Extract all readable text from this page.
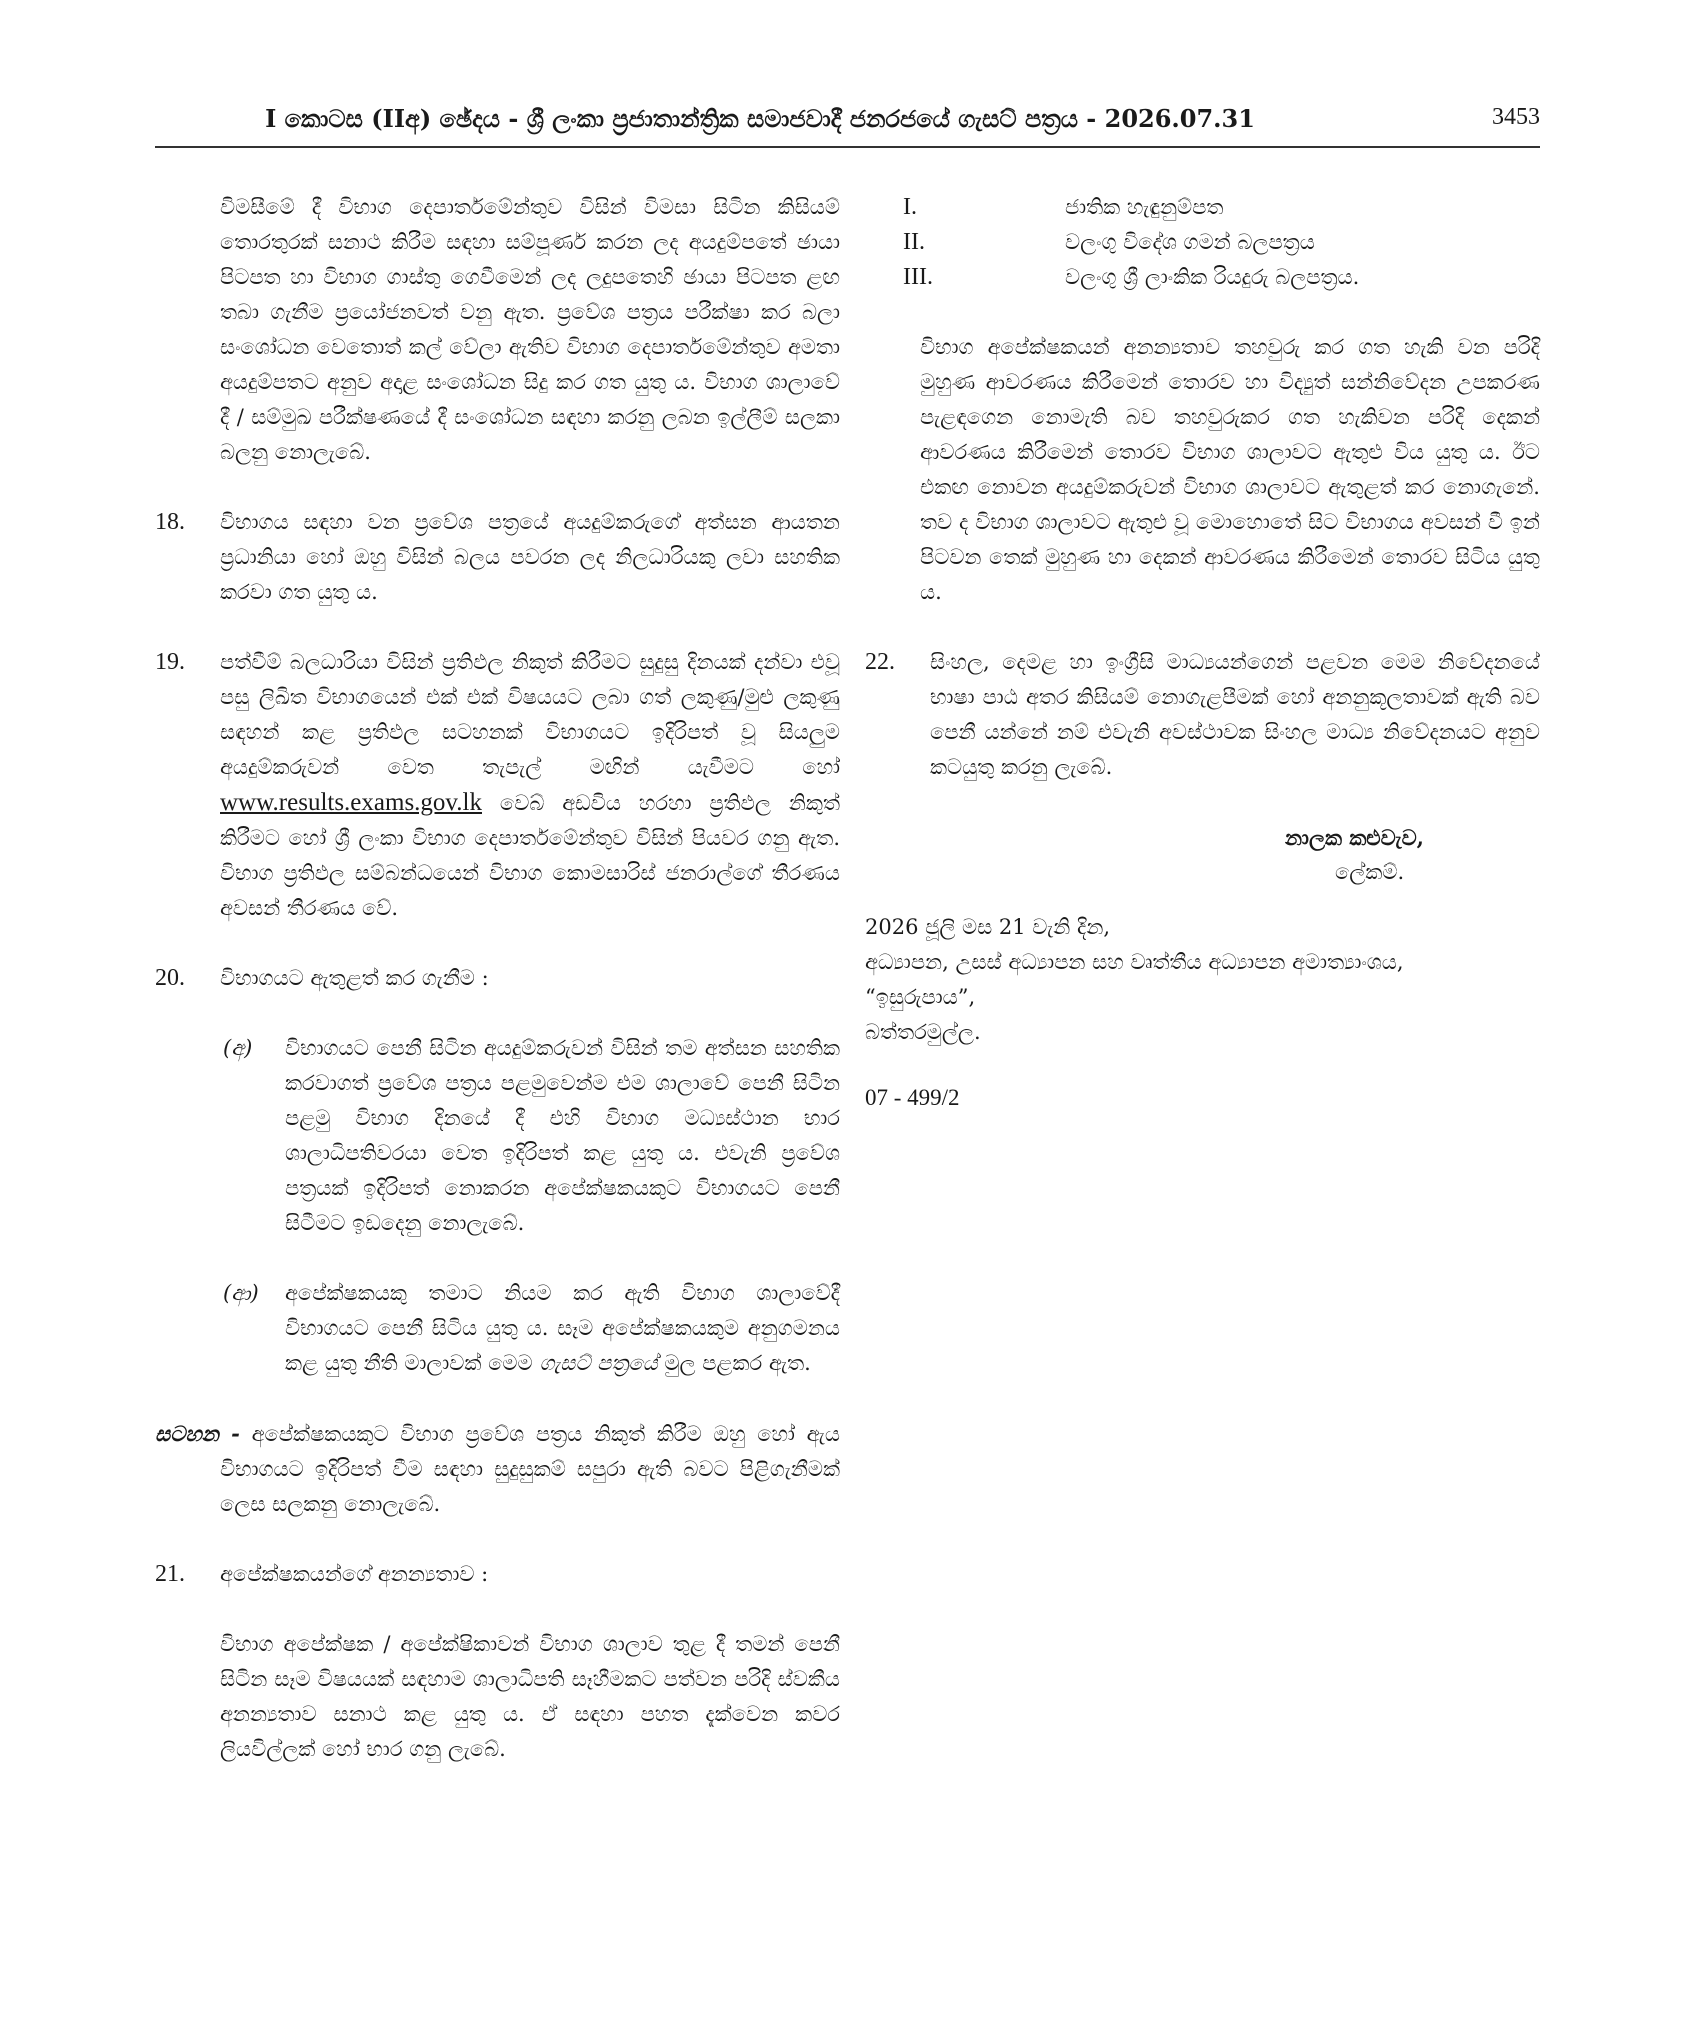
I කොටස (IIඅ) ඡේදය - ශ්‍රී ලංකා ප්‍රජාතාන්ත්‍රික සමාජවාදී ජනරජයේ ගැසට් පත්‍රය - 2026.07.31	3453

විමසීමේ දී විභාග දෙපාර්තමේන්තුව විසින් විමසා සිටින කිසියම් තොරතුරක් සනාථ කිරීම සඳහා සම්පූර්ණ කරන ලද අයදුම්පතේ ඡායා පිටපත හා විභාග ගාස්තු ගෙවීමෙන් ලද ලදුපතෙහි ඡායා පිටපත ළඟ තබා ගැනීම ප්‍රයෝජනවත් වනු ඇත. ප්‍රවේශ පත්‍රය පරීක්ෂා කර බලා සංශෝධන වෙතොත් කල් වේලා ඇතිව විභාග දෙපාර්තමේන්තුව අමතා අයදුම්පතට අනුව අදාළ සංශෝධන සිදු කර ගත යුතු ය. විභාග ශාලාවේ දී / සම්මුඛ පරීක්ෂණයේ දී සංශෝධන සඳහා කරනු ලබන ඉල්ලීම් සලකා බලනු නොලැබේ.

18. විභාගය සඳහා වන ප්‍රවේශ පත්‍රයේ අයදුම්කරුගේ අත්සන ආයතන ප්‍රධානියා හෝ ඔහු විසින් බලය පවරන ලද නිලධාරියකු ලවා සහතික කරවා ගත යුතු ය.

19. පත්වීම් බලධාරියා විසින් ප්‍රතිඵල නිකුත් කිරීමට සුදුසු දිනයක් දන්වා එවූ පසු ලිඛිත විභාගයෙන් එක් එක් විෂයයට ලබා ගත් ලකුණු/මුළු ලකුණු සඳහන් කළ ප්‍රතිඵල සටහනක් විභාගයට ඉදිරිපත් වූ සියලුම අයදුම්කරුවන් වෙත තැපැල් මඟින් යැවීමට හෝ www.results.exams.gov.lk වෙබ් අඩවිය හරහා ප්‍රතිඵල නිකුත් කිරීමට හෝ ශ්‍රී ලංකා විභාග දෙපාර්තමේන්තුව විසින් පියවර ගනු ඇත. විභාග ප්‍රතිඵල සම්බන්ධයෙන් විභාග කොමසාරිස් ජනරාල්ගේ තීරණය අවසන් තීරණය වේ.

20. විභාගයට ඇතුළත් කර ගැනීම :

(අ) විභාගයට පෙනී සිටින අයදුම්කරුවන් විසින් තම අත්සන සහතික කරවාගත් ප්‍රවේශ පත්‍රය පළමුවෙන්ම එම ශාලාවේ පෙනී සිටින පළමු විභාග දිනයේ දී එහි විභාග මධ්‍යස්ථාන භාර ශාලාධිපතිවරයා වෙත ඉදිරිපත් කළ යුතු ය. එවැනි ප්‍රවේශ පත්‍රයක් ඉදිරිපත් නොකරන අපේක්ෂකයකුට විභාගයට පෙනී සිටීමට ඉඩදෙනු නොලැබේ.

(ආ) අපේක්ෂකයකු තමාට නියම කර ඇති විභාග ශාලාවේදී විභාගයට පෙනී සිටිය යුතු ය. සෑම අපේක්ෂකයකුම අනුගමනය කළ යුතු නීති මාලාවක් මෙම ගැසට් පත්‍රයේ මුල පළකර ඇත.

සටහන - අපේක්ෂකයකුට විභාග ප්‍රවේශ පත්‍රය නිකුත් කිරීම ඔහු හෝ ඇය විභාගයට ඉදිරිපත් වීම සඳහා සුදුසුකම් සපුරා ඇති බවට පිළිගැනීමක් ලෙස සලකනු නොලැබේ.

21. අපේක්ෂකයන්ගේ අනන්‍යතාව :

විභාග අපේක්ෂක / අපේක්ෂිකාවන් විභාග ශාලාව තුළ දී තමන් පෙනී සිටින සෑම විෂයයක් සඳහාම ශාලාධිපති සෑහීමකට පත්වන පරිදි ස්වකීය අනන්‍යතාව සනාථ කළ යුතු ය. ඒ සඳහා පහත දැක්වෙන කවර ලියවිල්ලක් හෝ භාර ගනු ලැබේ.

I.	ජාතික හැඳුනුම්පත
II.	වලංගු විදේශ ගමන් බලපත්‍රය
III.	වලංගු ශ්‍රී ලාංකික රියදුරු බලපත්‍රය.

විභාග අපේක්ෂකයන් අනන්‍යතාව තහවුරු කර ගත හැකි වන පරිදි මුහුණ ආවරණය කිරීමෙන් තොරව හා විද්‍යුත් සන්නිවේදන උපකරණ පැළඳගෙන නොමැති බව තහවුරුකර ගත හැකිවන පරිදි දෙකන් ආවරණය කිරීමෙන් තොරව විභාග ශාලාවට ඇතුළු විය යුතු ය. ඊට එකඟ නොවන අයදුම්කරුවන් විභාග ශාලාවට ඇතුළත් කර නොගැනේ. තව ද විභාග ශාලාවට ඇතුළු වූ මොහොතේ සිට විභාගය අවසන් වී ඉන් පිටවන තෙක් මුහුණ හා දෙකන් ආවරණය කිරීමෙන් තොරව සිටිය යුතු ය.

22. සිංහල, දෙමළ හා ඉංග්‍රීසි මාධ්‍යයන්ගෙන් පළවන මෙම නිවේදනයේ භාෂා පාඨ අතර කිසියම් නොගැළපීමක් හෝ අනනුකූලතාවක් ඇති බව පෙනී යන්නේ නම් එවැනි අවස්ථාවක සිංහල මාධ්‍ය නිවේදනයට අනුව කටයුතු කරනු ලැබේ.

නාලක කළුවැව,
ලේකම්.
2026 ජූලි මස 21 වැනි දින,
අධ්‍යාපන, උසස් අධ්‍යාපන සහ වෘත්තීය අධ්‍යාපන අමාත්‍යාංශය,
“ඉසුරුපාය”,
බත්තරමුල්ල.
07 - 499/2
